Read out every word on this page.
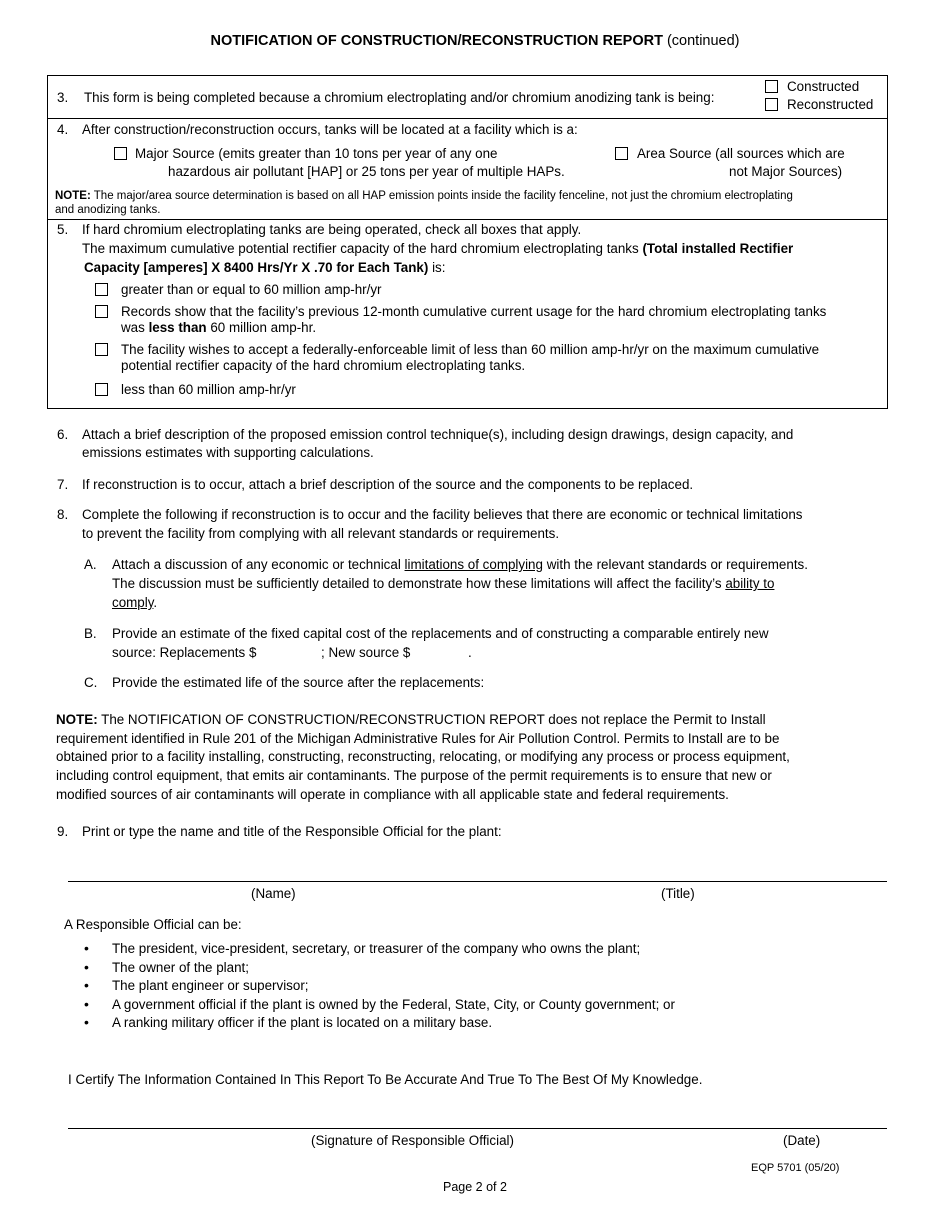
NOTIFICATION OF CONSTRUCTION/RECONSTRUCTION REPORT (continued)
3. This form is being completed because a chromium electroplating and/or chromium anodizing tank is being:
Constructed
Reconstructed
4. After construction/reconstruction occurs, tanks will be located at a facility which is a:
Major Source (emits greater than 10 tons per year of any one
hazardous air pollutant [HAP] or 25 tons per year of multiple HAPs.
Area Source (all sources which are
not Major Sources)
NOTE: The major/area source determination is based on all HAP emission points inside the facility fenceline, not just the chromium electroplating
and anodizing tanks.
5. If hard chromium electroplating tanks are being operated, check all boxes that apply.
The maximum cumulative potential rectifier capacity of the hard chromium electroplating tanks (Total installed Rectifier
Capacity [amperes] X 8400 Hrs/Yr X .70 for Each Tank) is:
greater than or equal to 60 million amp-hr/yr
Records show that the facility’s previous 12-month cumulative current usage for the hard chromium electroplating tanks
was less than 60 million amp-hr.
The facility wishes to accept a federally-enforceable limit of less than 60 million amp-hr/yr on the maximum cumulative
potential rectifier capacity of the hard chromium electroplating tanks.
less than 60 million amp-hr/yr
6. Attach a brief description of the proposed emission control technique(s), including design drawings, design capacity, and
emissions estimates with supporting calculations.
7. If reconstruction is to occur, attach a brief description of the source and the components to be replaced.
8. Complete the following if reconstruction is to occur and the facility believes that there are economic or technical limitations
to prevent the facility from complying with all relevant standards or requirements.
A. Attach a discussion of any economic or technical limitations of complying with the relevant standards or requirements.
The discussion must be sufficiently detailed to demonstrate how these limitations will affect the facility’s ability to
comply.
B. Provide an estimate of the fixed capital cost of the replacements and of constructing a comparable entirely new
source: Replacements $	; New source $	.
C. Provide the estimated life of the source after the replacements:
NOTE: The NOTIFICATION OF CONSTRUCTION/RECONSTRUCTION REPORT does not replace the Permit to Install
requirement identified in Rule 201 of the Michigan Administrative Rules for Air Pollution Control. Permits to Install are to be
obtained prior to a facility installing, constructing, reconstructing, relocating, or modifying any process or process equipment,
including control equipment, that emits air contaminants. The purpose of the permit requirements is to ensure that new or
modified sources of air contaminants will operate in compliance with all applicable state and federal requirements.
9. Print or type the name and title of the Responsible Official for the plant:
(Name)	(Title)
A Responsible Official can be:
• The president, vice-president, secretary, or treasurer of the company who owns the plant;
• The owner of the plant;
• The plant engineer or supervisor;
• A government official if the plant is owned by the Federal, State, City, or County government; or
• A ranking military officer if the plant is located on a military base.
I Certify The Information Contained In This Report To Be Accurate And True To The Best Of My Knowledge.
(Signature of Responsible Official)	(Date)
EQP 5701 (05/20)
Page 2 of 2
